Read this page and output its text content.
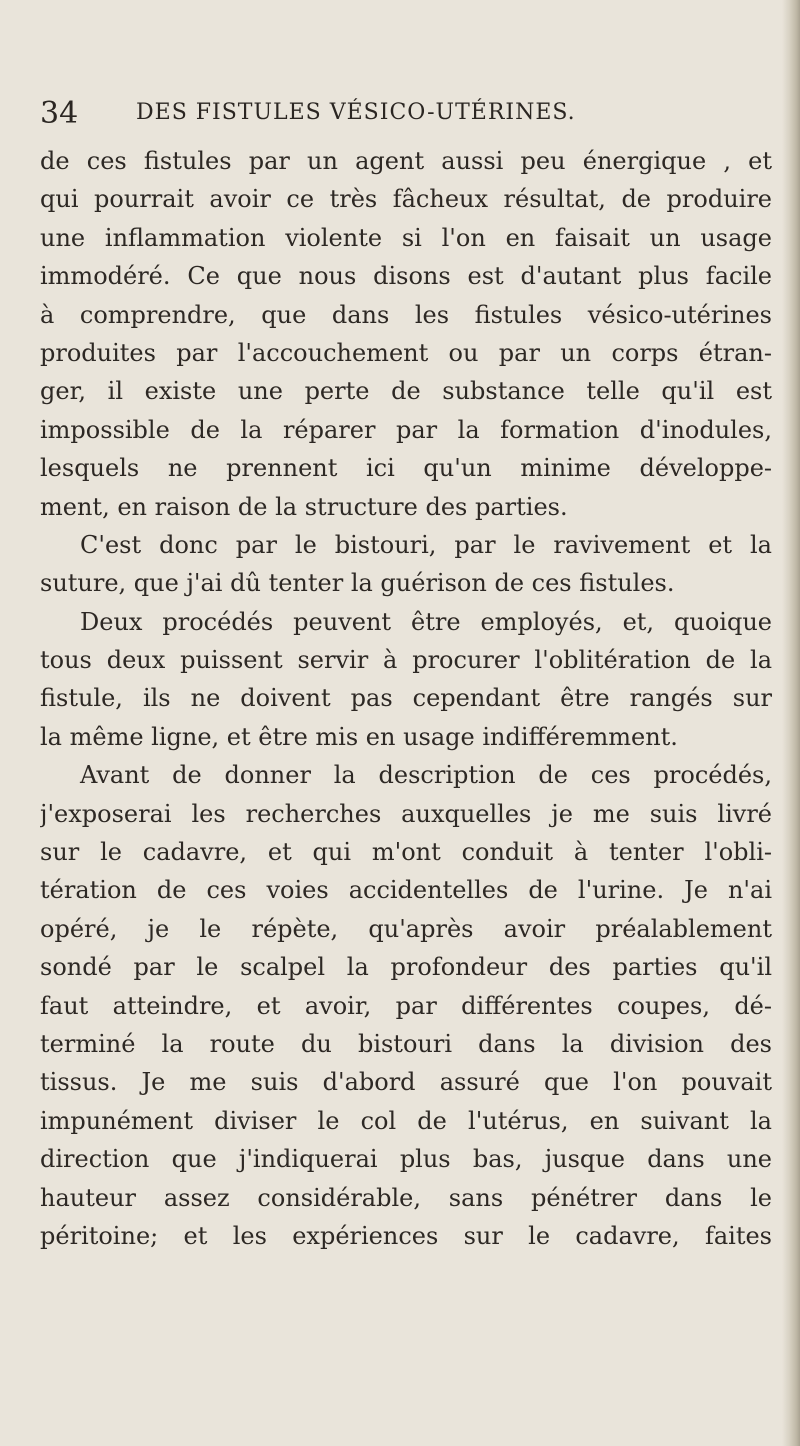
34	DES FISTULES VÉSICO-UTÉRINES.
de ces fistules par un agent aussi peu énergique , et
qui pourrait avoir ce très fâcheux résultat, de produire
une inflammation violente si l'on en faisait un usage
immodéré. Ce que nous disons est d'autant plus facile
à comprendre, que dans les fistules vésico-utérines
produites par l'accouchement ou par un corps étran-
ger, il existe une perte de substance telle qu'il est
impossible de la réparer par la formation d'inodules,
lesquels ne prennent ici qu'un minime développe-
ment, en raison de la structure des parties.
C'est donc par le bistouri, par le ravivement et la
suture, que j'ai dû tenter la guérison de ces fistules.
Deux procédés peuvent être employés, et, quoique
tous deux puissent servir à procurer l'oblitération de la
fistule, ils ne doivent pas cependant être rangés sur
la même ligne, et être mis en usage indifféremment.
Avant de donner la description de ces procédés,
j'exposerai les recherches auxquelles je me suis livré
sur le cadavre, et qui m'ont conduit à tenter l'obli-
tération de ces voies accidentelles de l'urine. Je n'ai
opéré, je le répète, qu'après avoir préalablement
sondé par le scalpel la profondeur des parties qu'il
faut atteindre, et avoir, par différentes coupes, dé-
terminé la route du bistouri dans la division des
tissus. Je me suis d'abord assuré que l'on pouvait
impunément diviser le col de l'utérus, en suivant la
direction que j'indiquerai plus bas, jusque dans une
hauteur assez considérable, sans pénétrer dans le
péritoine; et les expériences sur le cadavre, faites
